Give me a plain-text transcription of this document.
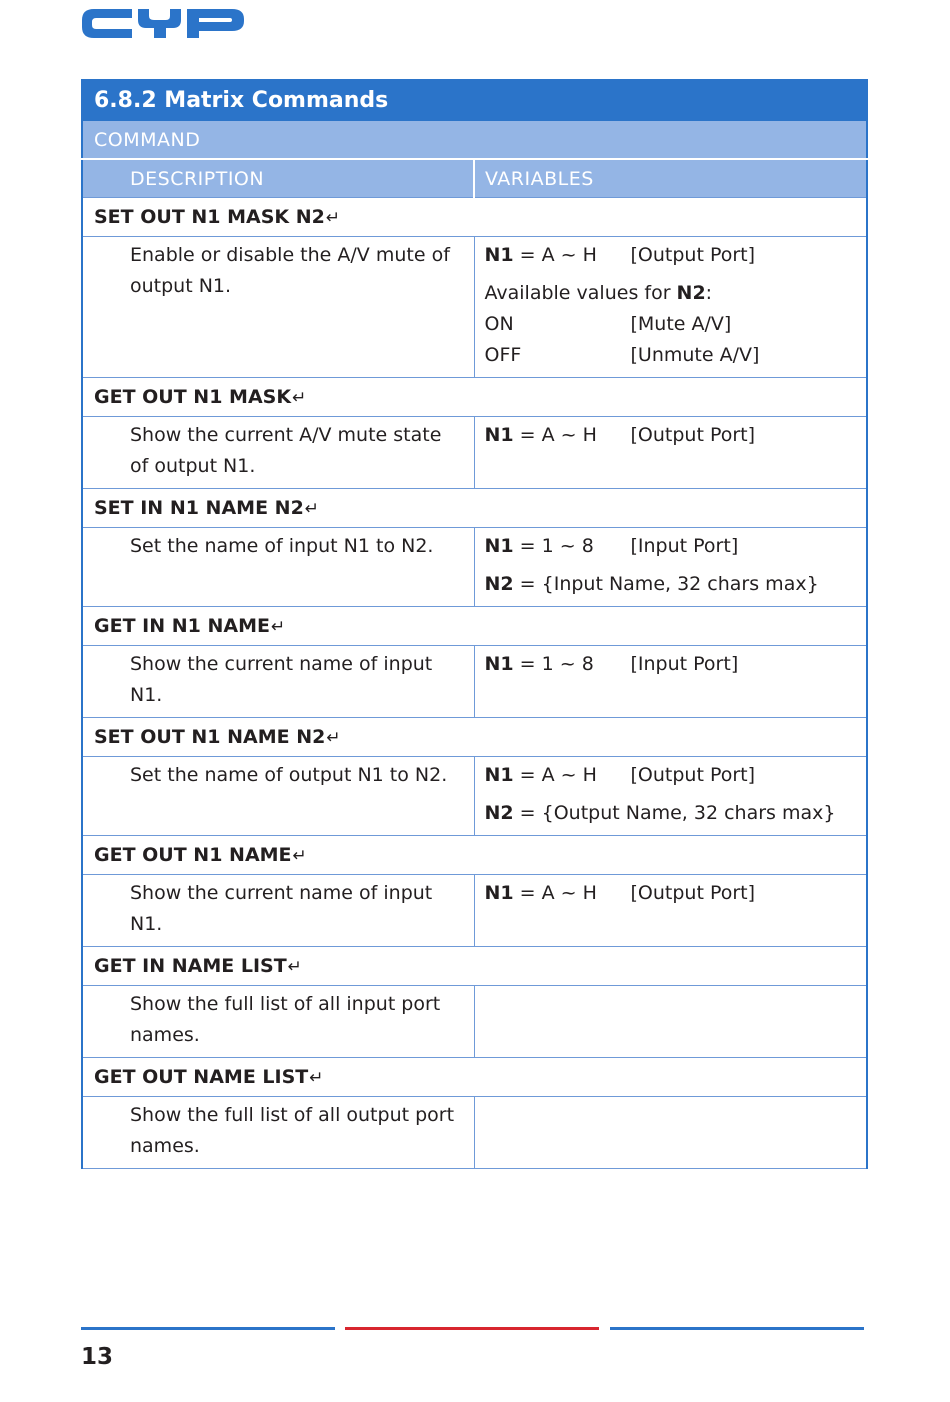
6.8.2 Matrix Commands	
COMMAND	
DESCRIPTION	VARIABLES
SET OUT N1 MASK N2↵	
Enable or disable the A/V mute of output N1.	N1 = A ~ H [Output Port]
Available values for N2:
ON [Mute A/V]
OFF [Unmute A/V]

GET OUT N1 MASK↵	
Show the current A/V mute state of output N1.	N1 = A ~ H [Output Port]

SET IN N1 NAME N2↵	
Set the name of input N1 to N2.	N1 = 1 ~ 8 [Input Port]
N2 = {Input Name, 32 chars max}

GET IN N1 NAME↵	
Show the current name of input N1.	N1 = 1 ~ 8 [Input Port]

SET OUT N1 NAME N2↵	
Set the name of output N1 to N2.	N1 = A ~ H [Output Port]
N2 = {Output Name, 32 chars max}

GET OUT N1 NAME↵	
Show the current name of input N1.	N1 = A ~ H [Output Port]

GET IN NAME LIST↵	
Show the full list of all input port names.	
GET OUT NAME LIST↵	
Show the full list of all output port names.	
13
